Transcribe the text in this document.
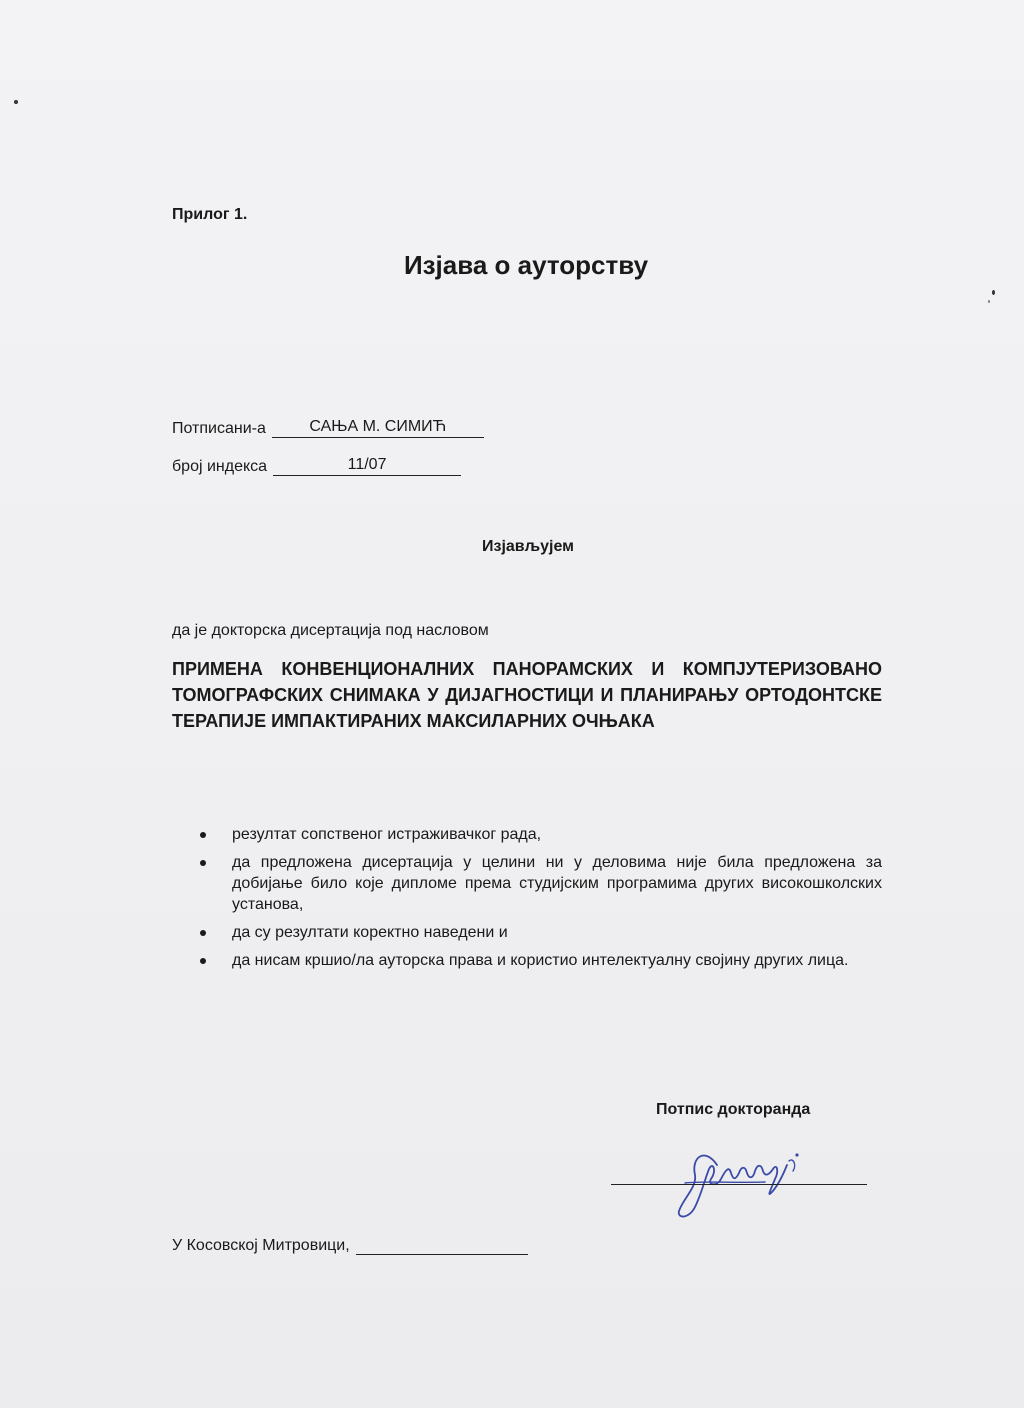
Прилог 1.
Изјава о ауторству
Потписани-а	САЊА М. СИМИЋ
број индекса	11/07
Изјављујем
да је докторска дисертација под насловом
ПРИМЕНА КОНВЕНЦИОНАЛНИХ ПАНОРАМСКИХ И КОМПЈУТЕРИЗОВАНО ТОМОГРАФСКИХ СНИМАКА У ДИЈАГНОСТИЦИ И ПЛАНИРАЊУ ОРТОДОНТСКЕ ТЕРАПИЈЕ ИМПАКТИРАНИХ МАКСИЛАРНИХ ОЧЊАКА
резултат сопственог истраживачког рада,
да предложена дисертација у целини ни у деловима није била предложена за добијање било које дипломе према студијским програмима других високошколских установа,
да су резултати коректно наведени и
да нисам кршио/ла ауторска права и користио интелектуалну својину других лица.
Потпис докторанда
У Косовској Митровици,
